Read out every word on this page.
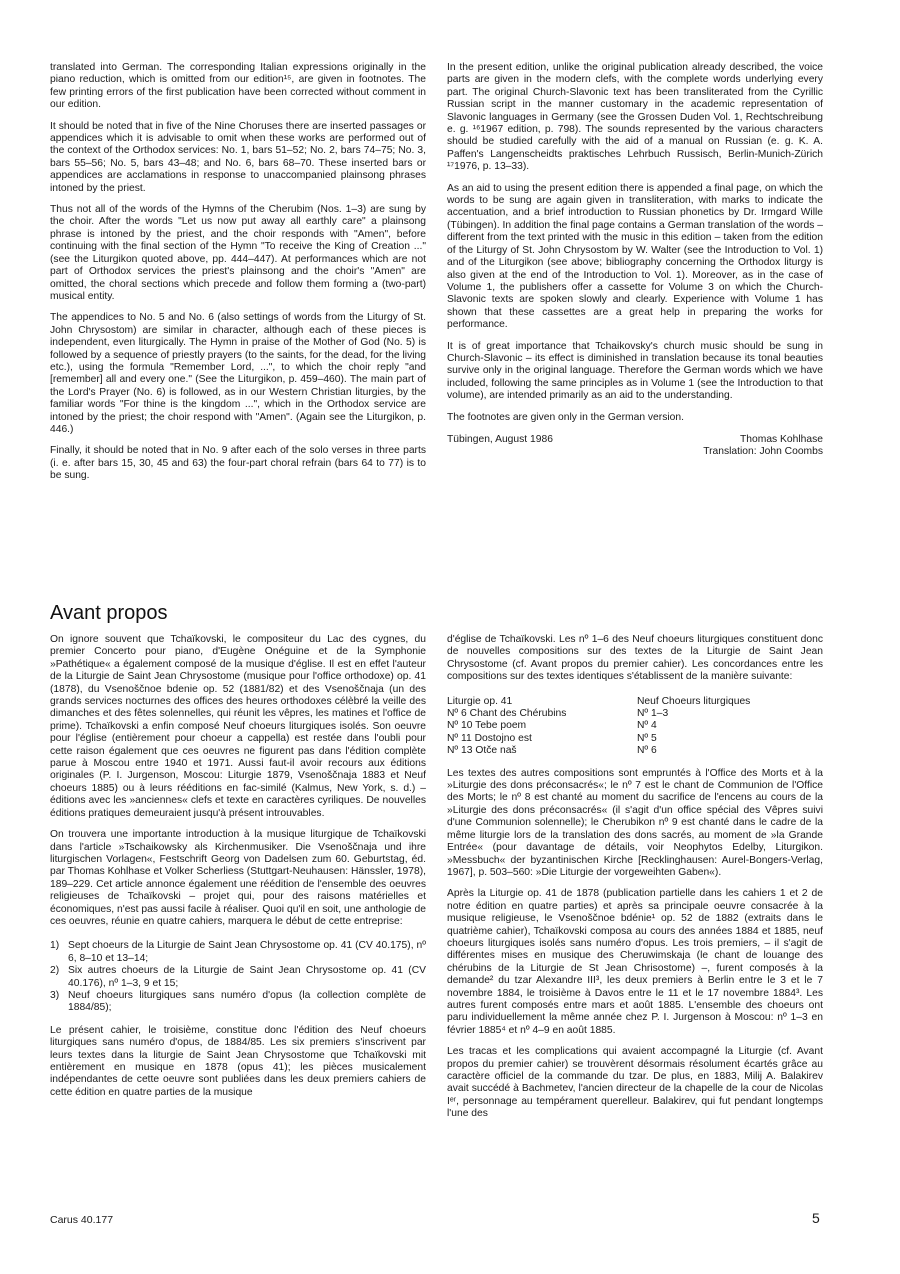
translated into German. The corresponding Italian expressions originally in the piano reduction, which is omitted from our edition¹⁵, are given in footnotes. The few printing errors of the first publication have been corrected without comment in our edition.

It should be noted that in five of the Nine Choruses there are inserted passages or appendices which it is advisable to omit when these works are performed out of the context of the Orthodox services: No. 1, bars 51–52; No. 2, bars 74–75; No. 3, bars 55–56; No. 5, bars 43–48; and No. 6, bars 68–70. These inserted bars or appendices are acclamations in response to unaccompanied plainsong phrases intoned by the priest.

Thus not all of the words of the Hymns of the Cherubim (Nos. 1–3) are sung by the choir. After the words "Let us now put away all earthly care" a plainsong phrase is intoned by the priest, and the choir responds with "Amen", before continuing with the final section of the Hymn "To receive the King of Creation ..." (see the Liturgikon quoted above, pp. 444–447). At performances which are not part of Orthodox services the priest's plainsong and the choir's "Amen" are omitted, the choral sections which precede and follow them forming a (two-part) musical entity.

The appendices to No. 5 and No. 6 (also settings of words from the Liturgy of St. John Chrysostom) are similar in character, although each of these pieces is independent, even liturgically. The Hymn in praise of the Mother of God (No. 5) is followed by a sequence of priestly prayers (to the saints, for the dead, for the living etc.), using the formula "Remember Lord, ...", to which the choir reply "and [remember] all and every one." (See the Liturgikon, p. 459–460). The main part of the Lord's Prayer (No. 6) is followed, as in our Western Christian liturgies, by the familiar words "For thine is the kingdom ...", which in the Orthodox service are intoned by the priest; the choir respond with "Amen". (Again see the Liturgikon, p. 446.)

Finally, it should be noted that in No. 9 after each of the solo verses in three parts (i. e. after bars 15, 30, 45 and 63) the four-part choral refrain (bars 64 to 77) is to be sung.

In the present edition, unlike the original publication already described, the voice parts are given in the modern clefs, with the complete words underlying every part. The original Church-Slavonic text has been transliterated from the Cyrillic Russian script in the manner customary in the academic representation of Slavonic languages in Germany (see the Grossen Duden Vol. 1, Rechtschreibung e. g. ¹⁶1967 edition, p. 798). The sounds represented by the various characters should be studied carefully with the aid of a manual on Russian (e. g. K. A. Paffen's Langenscheidts praktisches Lehrbuch Russisch, Berlin-Munich-Zürich ¹⁷1976, p. 13–33).

As an aid to using the present edition there is appended a final page, on which the words to be sung are again given in transliteration, with marks to indicate the accentuation, and a brief introduction to Russian phonetics by Dr. Irmgard Wille (Tübingen). In addition the final page contains a German translation of the words – different from the text printed with the music in this edition – taken from the edition of the Liturgy of St. John Chrysostom by W. Walter (see the Introduction to Vol. 1) and of the Liturgikon (see above; bibliography concerning the Orthodox liturgy is also given at the end of the Introduction to Vol. 1). Moreover, as in the case of Volume 1, the publishers offer a cassette for Volume 3 on which the Church-Slavonic texts are spoken slowly and clearly. Experience with Volume 1 has shown that these cassettes are a great help in preparing the works for performance.

It is of great importance that Tchaikovsky's church music should be sung in Church-Slavonic – its effect is diminished in translation because its tonal beauties survive only in the original language. Therefore the German words which we have included, following the same principles as in Volume 1 (see the Introduction to that volume), are intended primarily as an aid to the understanding.

The footnotes are given only in the German version.

Tübingen, August 1986	Thomas Kohlhase
Translation: John Coombs
Avant propos

On ignore souvent que Tchaïkovski, le compositeur du Lac des cygnes, du premier Concerto pour piano, d'Eugène Onéguine et de la Symphonie »Pathétique« a également composé de la musique d'église. Il est en effet l'auteur de la Liturgie de Saint Jean Chrysostome (musique pour l'office orthodoxe) op. 41 (1878), du Vsenoščnoe bdenie op. 52 (1881/82) et des Vsenoščnaja (un des grands services nocturnes des offices des heures orthodoxes célèbré la veille des dimanches et des fêtes solennelles, qui réunit les vêpres, les matines et l'office de prime). Tchaïkovski a enfin composé Neuf choeurs liturgiques isolés. Son oeuvre pour l'église (entièrement pour choeur a cappella) est restée dans l'oubli pour cette raison également que ces oeuvres ne figurent pas dans l'édition complète parue à Moscou entre 1940 et 1971. Aussi faut-il avoir recours aux éditions originales (P. I. Jurgenson, Moscou: Liturgie 1879, Vsenoščnaja 1883 et Neuf choeurs 1885) ou à leurs rééditions en fac-similé (Kalmus, New York, s. d.) – éditions avec les »anciennes« clefs et texte en caractères cyriliques. De nouvelles éditions pratiques demeuraient jusqu'à présent introuvables.

On trouvera une importante introduction à la musique liturgique de Tchaïkovski dans l'article »Tschaikowsky als Kirchenmusiker. Die Vsenoščnaja und ihre liturgischen Vorlagen«, Festschrift Georg von Dadelsen zum 60. Geburtstag, éd. par Thomas Kohlhase et Volker Scherliess (Stuttgart-Neuhausen: Hänssler, 1978), 189–229. Cet article annonce également une réédition de l'ensemble des oeuvres religieuses de Tchaïkovski – projet qui, pour des raisons matérielles et économiques, n'est pas aussi facile à réaliser. Quoi qu'il en soit, une anthologie de ces oeuvres, réunie en quatre cahiers, marquera le début de cette entreprise:

1) Sept choeurs de la Liturgie de Saint Jean Chrysostome op. 41 (CV 40.175), nº 6, 8–10 et 13–14;
2) Six autres choeurs de la Liturgie de Saint Jean Chrysostome op. 41 (CV 40.176), nº 1–3, 9 et 15;
3) Neuf choeurs liturgiques sans numéro d'opus (la collection complète de 1884/85);

Le présent cahier, le troisième, constitue donc l'édition des Neuf choeurs liturgiques sans numéro d'opus, de 1884/85. Les six premiers s'inscrivent par leurs textes dans la liturgie de Saint Jean Chrysostome que Tchaïkovski mit entièrement en musique en 1878 (opus 41); les pièces musicalement indépendantes de cette oeuvre sont publiées dans les deux premiers cahiers de cette édition en quatre parties de la musique

d'église de Tchaïkovski. Les nº 1–6 des Neuf choeurs liturgiques constituent donc de nouvelles compositions sur des textes de la Liturgie de Saint Jean Chrysostome (cf. Avant propos du premier cahier). Les concordances entre les compositions sur des textes identiques s'établissent de la manière suivante:

Liturgie op. 41	Neuf Choeurs liturgiques
Nº 6 Chant des Chérubins	Nº 1–3
Nº 10 Tebe poem	Nº 4
Nº 11 Dostojno est	Nº 5
Nº 13 Otče naš	Nº 6

Les textes des autres compositions sont empruntés à l'Office des Morts et à la »Liturgie des dons préconsacrés«; le nº 7 est le chant de Communion de l'Office des Morts; le nº 8 est chanté au moment du sacrifice de l'encens au cours de la »Liturgie des dons préconsacrés« (il s'agit d'un office spécial des Vêpres suivi d'une Communion solennelle); le Cherubikon nº 9 est chanté dans le cadre de la même liturgie lors de la translation des dons sacrés, au moment de »la Grande Entrée« (pour davantage de détails, voir Neophytos Edelby, Liturgikon. »Messbuch« der byzantinischen Kirche [Recklinghausen: Aurel-Bongers-Verlag, 1967], p. 503–560: »Die Liturgie der vorgeweihten Gaben«).

Après la Liturgie op. 41 de 1878 (publication partielle dans les cahiers 1 et 2 de notre édition en quatre parties) et après sa principale oeuvre consacrée à la musique religieuse, le Vsenoščnoe bdénie¹ op. 52 de 1882 (extraits dans le quatrième cahier), Tchaïkovski composa au cours des années 1884 et 1885, neuf choeurs liturgiques isolés sans numéro d'opus. Les trois premiers, – il s'agit de différentes mises en musique des Cheruwimskaja (le chant de louange des chérubins de la Liturgie de St Jean Chrisostome) –, furent composés à la demande² du tzar Alexandre III³, les deux premiers à Berlin entre le 3 et le 7 novembre 1884, le troisième à Davos entre le 11 et le 17 novembre 1884³. Les autres furent composés entre mars et août 1885. L'ensemble des choeurs ont paru individuellement la même année chez P. I. Jurgenson à Moscou: nº 1–3 en février 1885⁴ et nº 4–9 en août 1885.

Les tracas et les complications qui avaient accompagné la Liturgie (cf. Avant propos du premier cahier) se trouvèrent désormais résolument écartés grâce au caractère officiel de la commande du tzar. De plus, en 1883, Milij A. Balakirev avait succédé à Bachmetev, l'ancien directeur de la chapelle de la cour de Nicolas Iᵉʳ, personnage au tempérament querelleur. Balakirev, qui fut pendant longtemps l'une des

Carus 40.177	5
